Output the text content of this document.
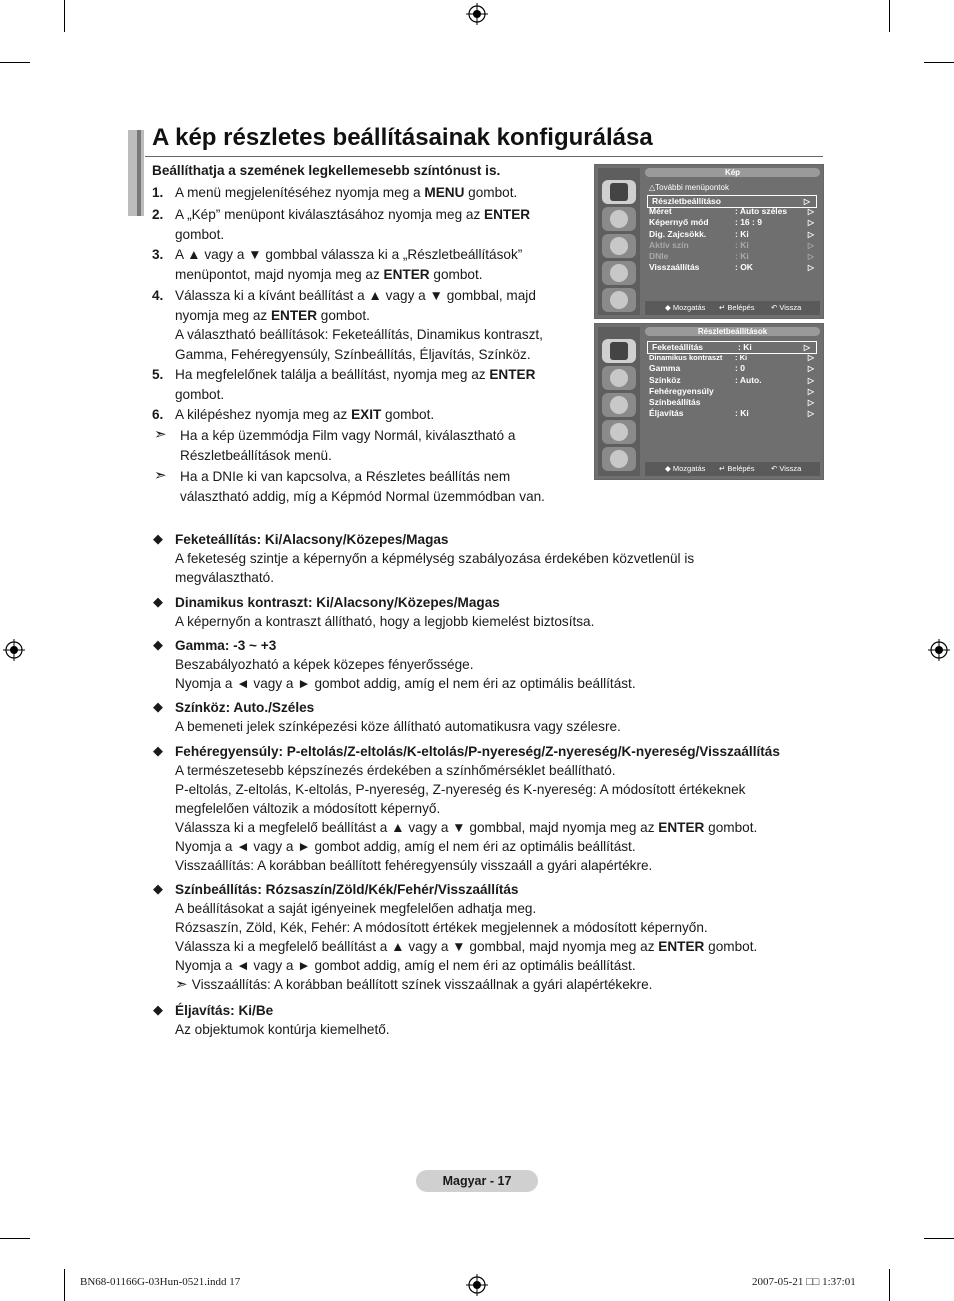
A kép részletes beállításainak konfigurálása
Beállíthatja a szemének legkellemesebb színtónust is.
1. A menü megjelenítéséhez nyomja meg a MENU gombot.
2. A „Kép” menüpont kiválasztásához nyomja meg az ENTER
gombot.
3. A ▲ vagy a ▼ gombbal válassza ki a „Részletbeállítások”
menüpontot, majd nyomja meg az ENTER gombot.
4. Válassza ki a kívánt beállítást a ▲ vagy a ▼ gombbal, majd
nyomja meg az ENTER gombot.
A választható beállítások: Feketeállítás, Dinamikus kontraszt,
Gamma, Fehéregyensúly, Színbeállítás, Éljavítás, Színköz.
5. Ha megfelelőnek találja a beállítást, nyomja meg az ENTER
gombot.
6. A kilépéshez nyomja meg az EXIT gombot.
➣ Ha a kép üzemmódja Film vagy Normál, kiválasztható a
Részletbeállítások menü.
➣ Ha a DNIe ki van kapcsolva, a Részletes beállítás nem
választható addig, míg a Képmód Normal üzemmódban van.
Kép
△További menüpontok
Részletbeállításo	▷
Méret	: Auto széles	▷
Képernyő mód	: 16 : 9	▷
Dig. Zajcsökk.	: Ki	▷
Aktív szín	: Ki	▷
DNIe	: Ki	▷
Visszaállítás	: OK	▷
◆ Mozgatás ↵ Belépés ↶ Vissza
Részletbeállítások
Feketeállítás	: Ki	▷
Dinamikus kontraszt : Ki	▷
Gamma	: 0	▷
Színköz	: Auto.	▷
Fehéregyensúly	▷
Színbeállítás	▷
Éljavítás	: Ki	▷
◆ Mozgatás ↵ Belépés ↶ Vissza
◆ Feketeállítás: Ki/Alacsony/Közepes/Magas
A feketeség szintje a képernyőn a képmélység szabályozása érdekében közvetlenül is
megválasztható.
◆ Dinamikus kontraszt: Ki/Alacsony/Közepes/Magas
A képernyőn a kontraszt állítható, hogy a legjobb kiemelést biztosítsa.
◆ Gamma: -3 ~ +3
Beszabályozható a képek közepes fényerőssége.
Nyomja a ◄ vagy a ► gombot addig, amíg el nem éri az optimális beállítást.
◆ Színköz: Auto./Széles
A bemeneti jelek színképezési köze állítható automatikusra vagy szélesre.
◆ Fehéregyensúly: P-eltolás/Z-eltolás/K-eltolás/P-nyereség/Z-nyereség/K-nyereség/Visszaállítás
A természetesebb képszínezés érdekében a színhőmérséklet beállítható.
P-eltolás, Z-eltolás, K-eltolás, P-nyereség, Z-nyereség és K-nyereség: A módosított értékeknek
megfelelően változik a módosított képernyő.
Válassza ki a megfelelő beállítást a ▲ vagy a ▼ gombbal, majd nyomja meg az ENTER gombot.
Nyomja a ◄ vagy a ► gombot addig, amíg el nem éri az optimális beállítást.
Visszaállítás: A korábban beállított fehéregyensúly visszaáll a gyári alapértékre.
◆ Színbeállítás: Rózsaszín/Zöld/Kék/Fehér/Visszaállítás
A beállításokat a saját igényeinek megfelelően adhatja meg.
Rózsaszín, Zöld, Kék, Fehér: A módosított értékek megjelennek a módosított képernyőn.
Válassza ki a megfelelő beállítást a ▲ vagy a ▼ gombbal, majd nyomja meg az ENTER gombot.
Nyomja a ◄ vagy a ► gombot addig, amíg el nem éri az optimális beállítást.
➣ Visszaállítás: A korábban beállított színek visszaállnak a gyári alapértékekre.
◆ Éljavítás: Ki/Be
Az objektumok kontúrja kiemelhető.
Magyar - 17
BN68-01166G-03Hun-0521.indd 17	2007-05-21 □□ 1:37:01
